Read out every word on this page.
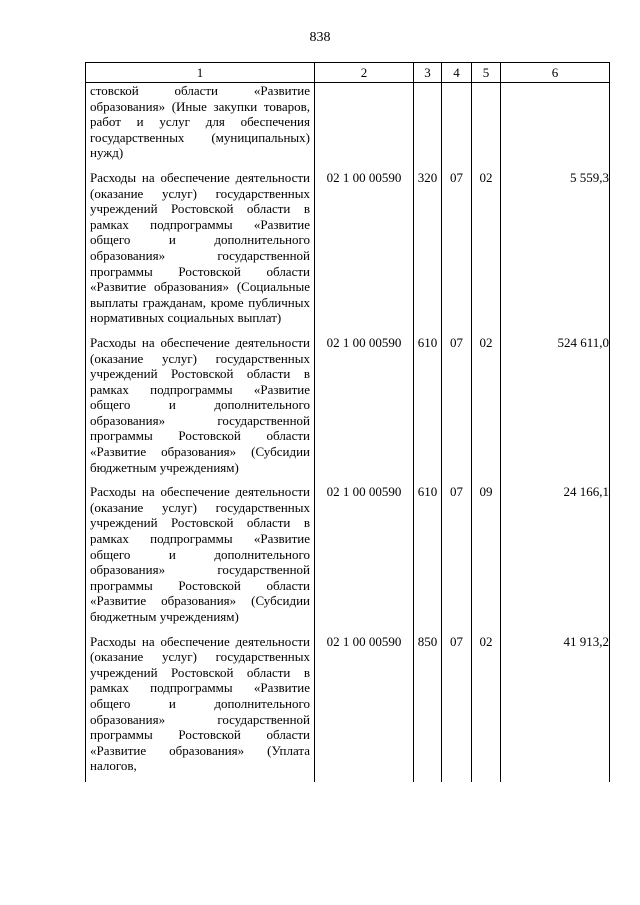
838
1	2	3	4	5	6

стовской области «Развитие образования» (Иные закупки товаров, работ и услуг для обеспечения государственных (муниципальных) нужд)					

Расходы на обеспечение деятельности (оказание услуг) государственных учреждений Ростовской области в рамках подпрограммы «Развитие общего и дополнительного образования» государственной программы Ростовской области «Развитие образования» (Социальные выплаты гражданам, кроме публичных нормативных социальных выплат)	02 1 00 00590	320	07	02	5 559,3

Расходы на обеспечение деятельности (оказание услуг) государственных учреждений Ростовской области в рамках подпрограммы «Развитие общего и дополнительного образования» государственной программы Ростовской области «Развитие образования» (Субсидии бюджетным учреждениям)	02 1 00 00590	610	07	02	524 611,0

Расходы на обеспечение деятельности (оказание услуг) государственных учреждений Ростовской области в рамках подпрограммы «Развитие общего и дополнительного образования» государственной программы Ростовской области «Развитие образования» (Субсидии бюджетным учреждениям)	02 1 00 00590	610	07	09	24 166,1

Расходы на обеспечение деятельности (оказание услуг) государственных учреждений Ростовской области в рамках подпрограммы «Развитие общего и дополнительного образования» государственной программы Ростовской области «Развитие образования» (Уплата налогов,	02 1 00 00590	850	07	02	41 913,2
